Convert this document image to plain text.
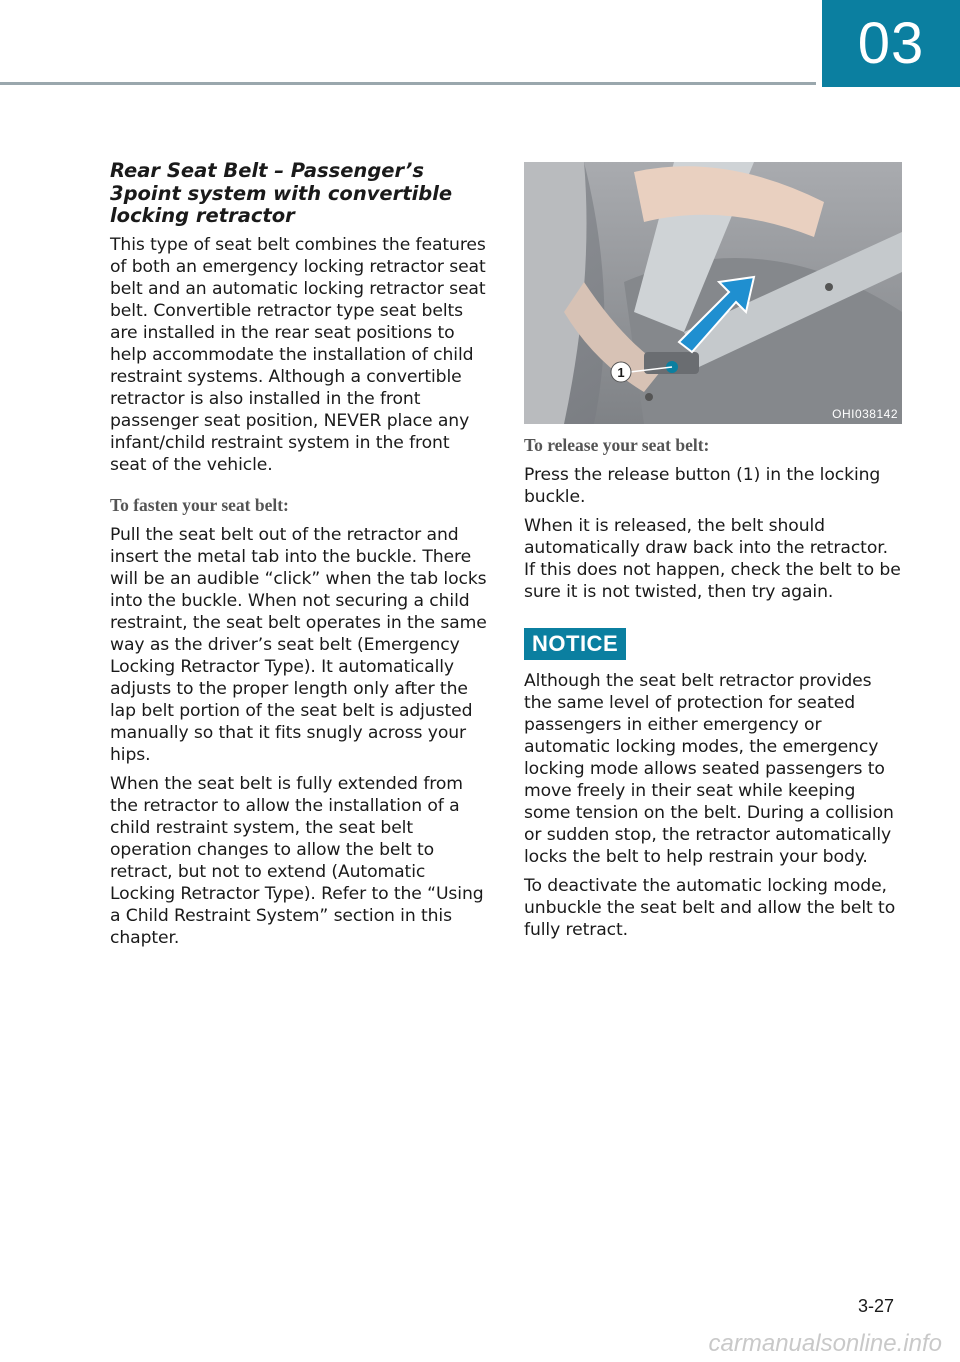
03
Rear Seat Belt – Passenger’s 3point system with convertible locking retractor

This type of seat belt combines the features of both an emergency locking retractor seat belt and an automatic locking retractor seat belt. Convertible retractor type seat belts are installed in the rear seat positions to help accommodate the installation of child restraint systems. Although a convertible retractor is also installed in the front passenger seat position, NEVER place any infant/child restraint system in the front seat of the vehicle.

To fasten your seat belt:

Pull the seat belt out of the retractor and insert the metal tab into the buckle. There will be an audible “click” when the tab locks into the buckle. When not securing a child restraint, the seat belt operates in the same way as the driver’s seat belt (Emergency Locking Retractor Type). It automatically adjusts to the proper length only after the lap belt portion of the seat belt is adjusted manually so that it fits snugly across your hips.

When the seat belt is fully extended from the retractor to allow the installation of a child restraint system, the seat belt operation changes to allow the belt to retract, but not to extend (Automatic Locking Retractor Type). Refer to the “Using a Child Restraint System” section in this chapter.

1
OHI038142
To release your seat belt:

Press the release button (1) in the locking buckle.

When it is released, the belt should automatically draw back into the retractor. If this does not happen, check the belt to be sure it is not twisted, then try again.

NOTICE

Although the seat belt retractor provides the same level of protection for seated passengers in either emergency or automatic locking modes, the emergency locking mode allows seated passengers to move freely in their seat while keeping some tension on the belt. During a collision or sudden stop, the retractor automatically locks the belt to help restrain your body.

To deactivate the automatic locking mode, unbuckle the seat belt and allow the belt to fully retract.

3-27
carmanualsonline.info
